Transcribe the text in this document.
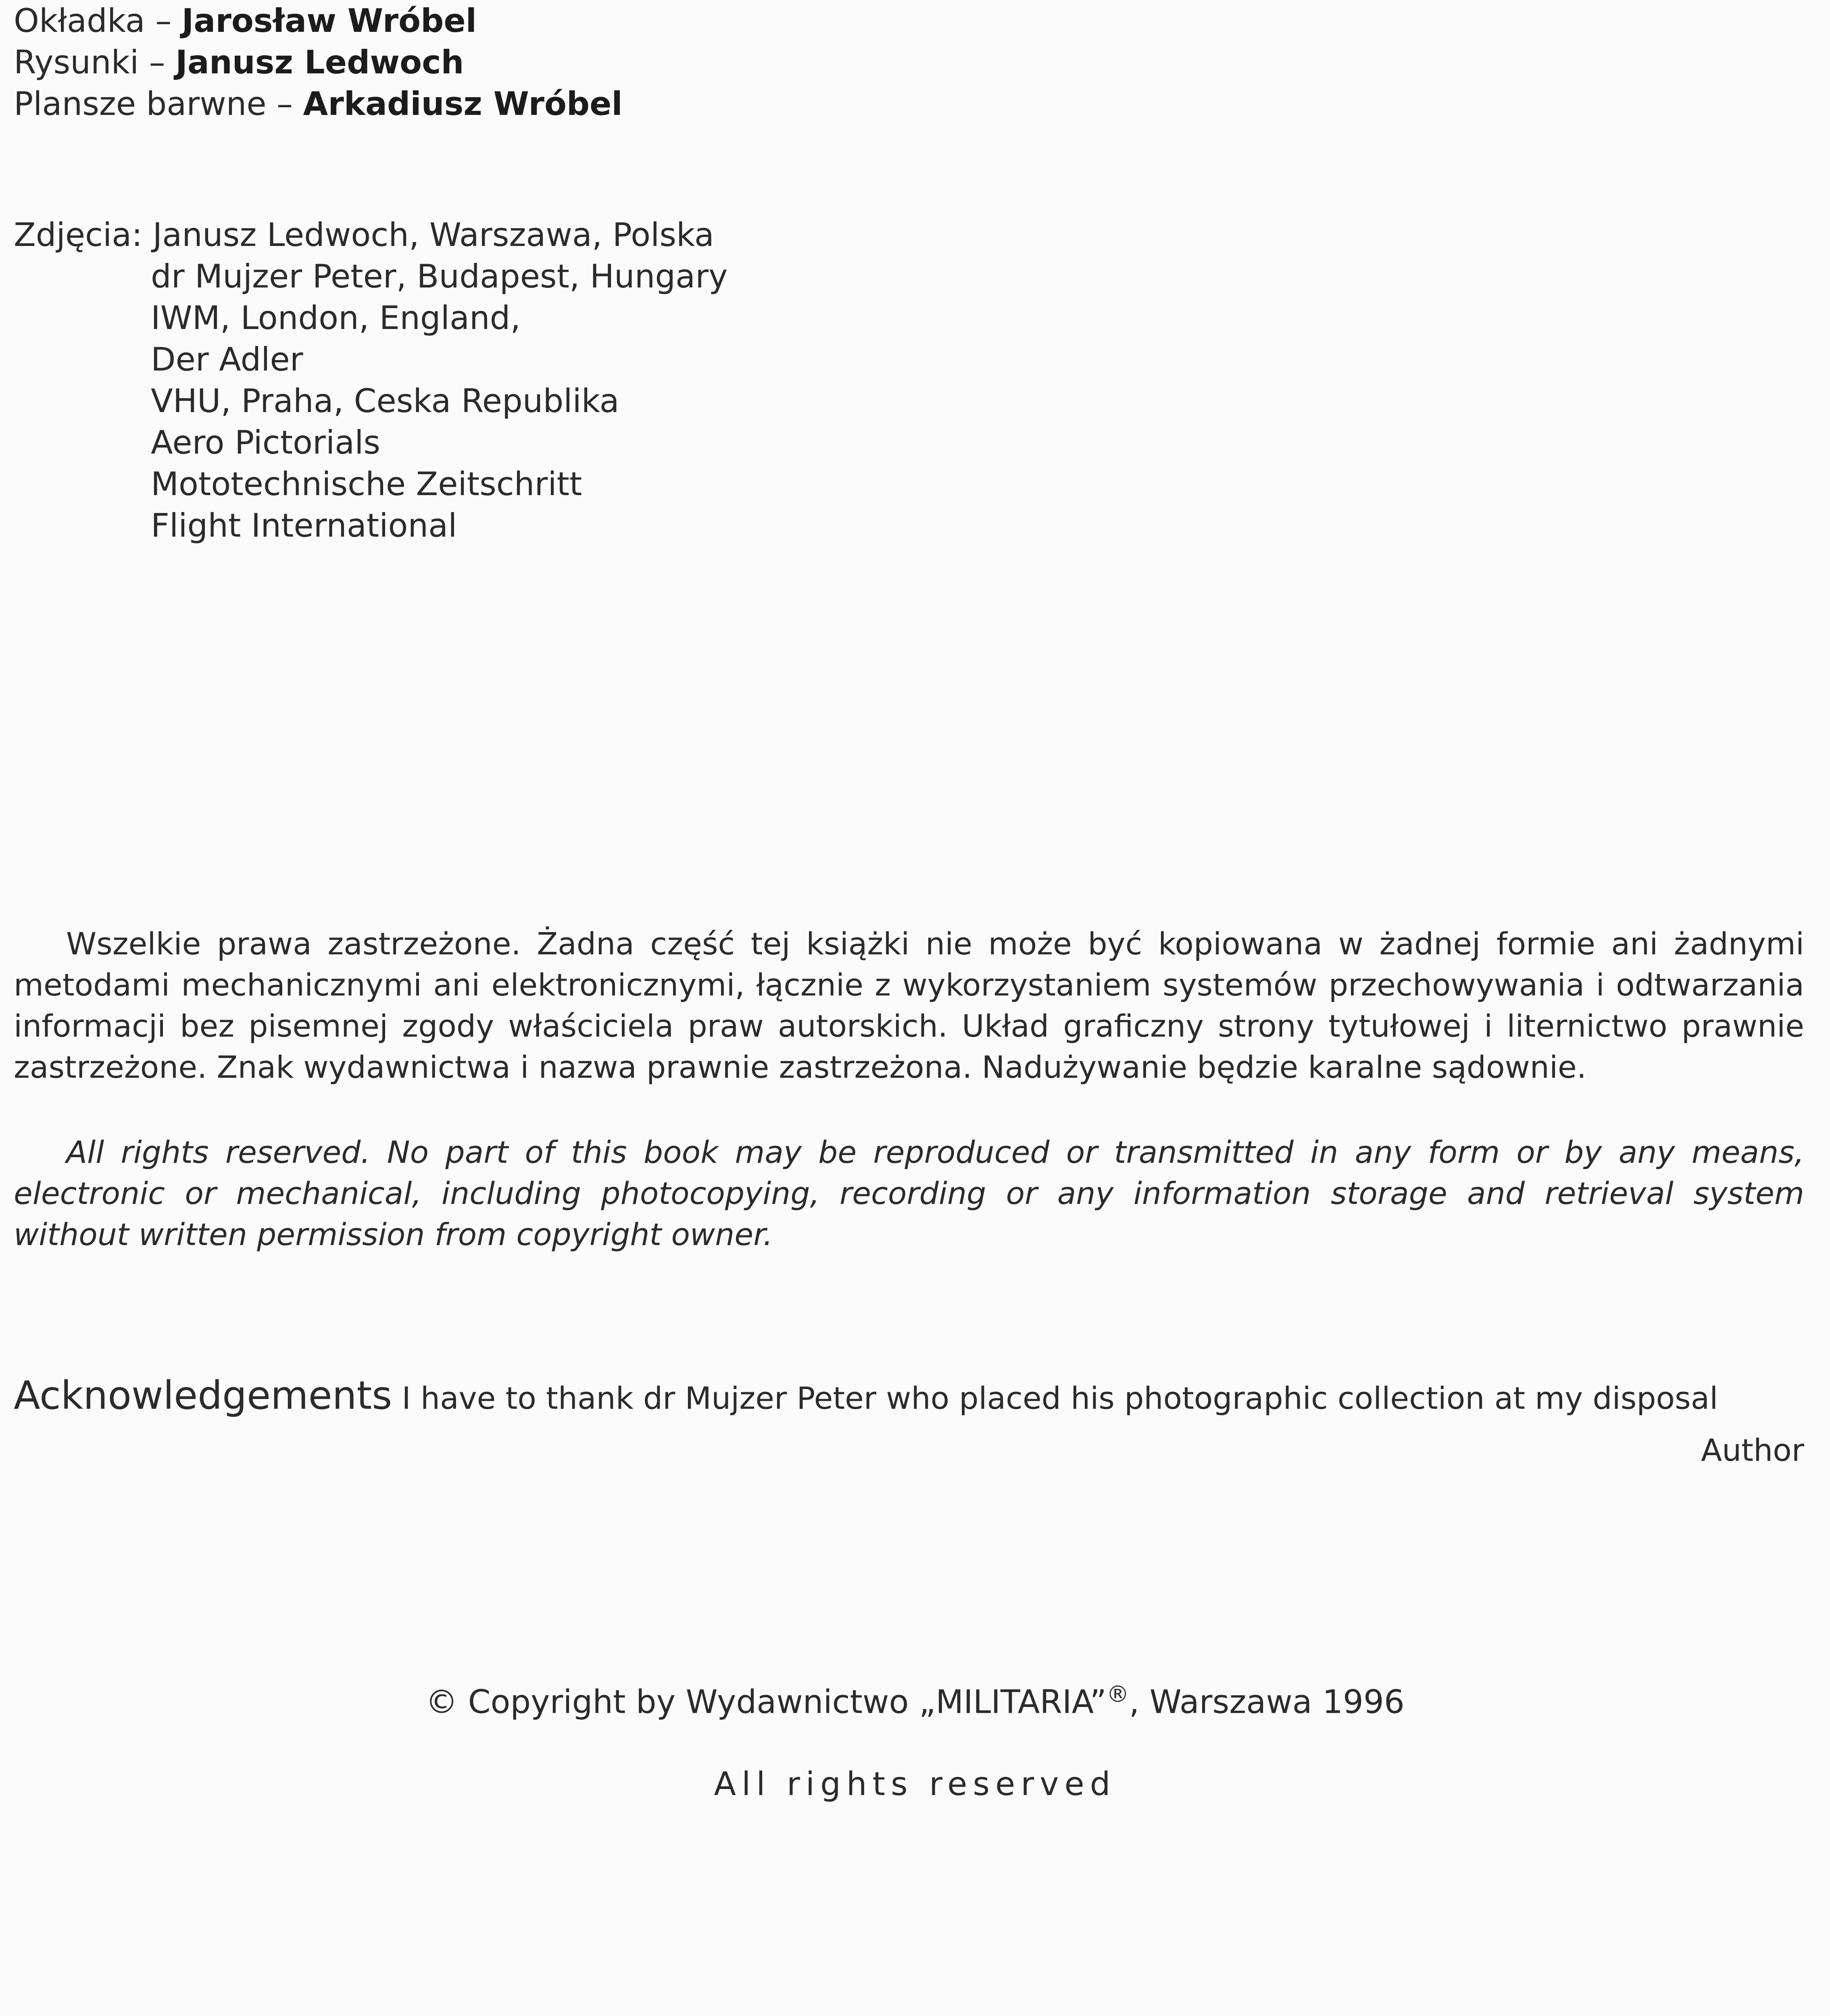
Okładka – Jarosław Wróbel
Rysunki – Janusz Ledwoch
Plansze barwne – Arkadiusz Wróbel
Zdjęcia: Janusz Ledwoch, Warszawa, Polska
dr Mujzer Peter, Budapest, Hungary
IWM, London, England,
Der Adler
VHU, Praha, Ceska Republika
Aero Pictorials
Mototechnische Zeitschritt
Flight International

Wszelkie prawa zastrzeżone. Żadna część tej książki nie może być kopiowana w żadnej formie ani żadnymi metodami mechanicznymi ani elektronicznymi, łącznie z wykorzystaniem systemów przechowywania i odtwarzania informacji bez pisemnej zgody właściciela praw autorskich. Układ graficzny strony tytułowej i liternictwo prawnie zastrzeżone. Znak wydawnictwa i nazwa prawnie zastrzeżona. Nadużywanie będzie karalne sądownie.

All rights reserved. No part of this book may be reproduced or transmitted in any form or by any means, electronic or mechanical, including photocopying, recording or any information storage and retrieval system without written permission from copyright owner.

Acknowledgements I have to thank dr Mujzer Peter who placed his photographic collection at my disposal
Author
© Copyright by Wydawnictwo „MILITARIA”®, Warszawa 1996
All rights reserved
